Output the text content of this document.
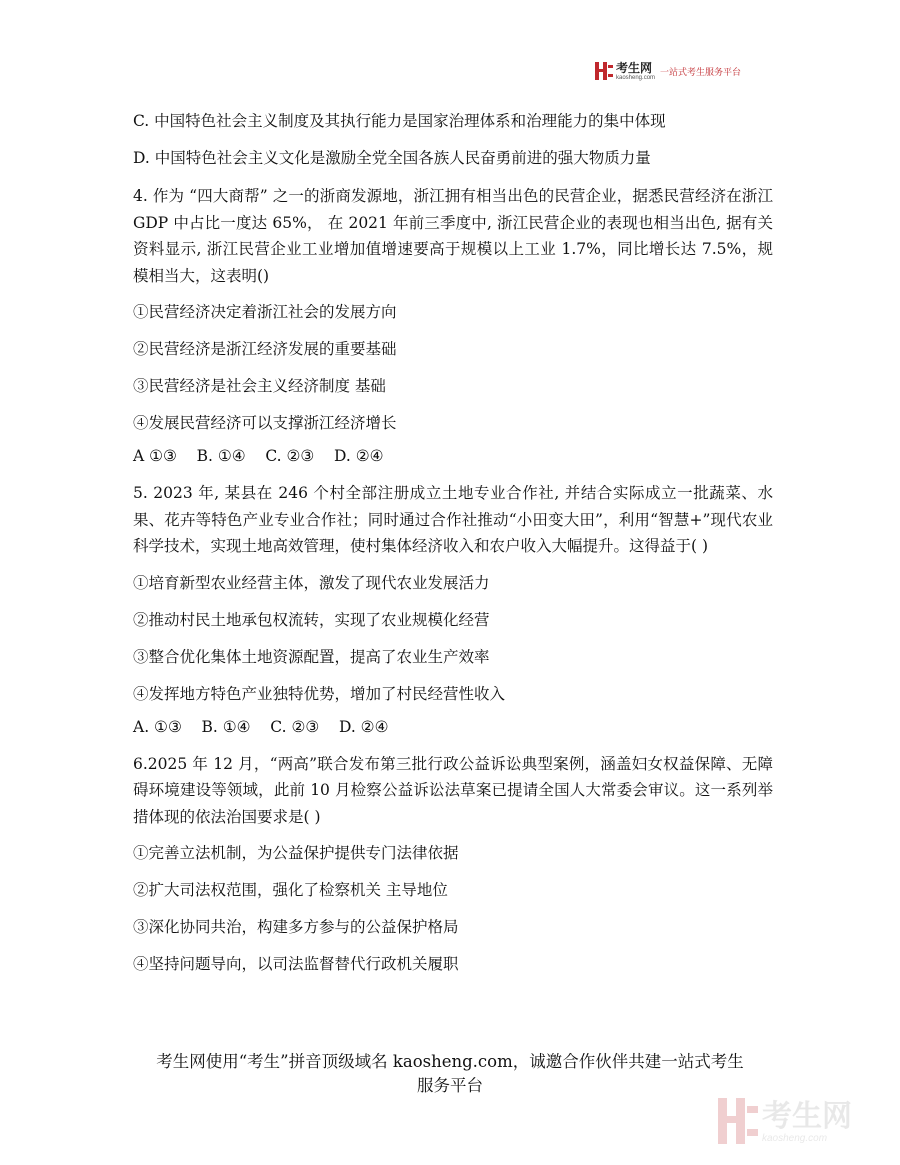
考生网
kaosheng.com 一站式考生服务平台
C. 中国特色社会主义制度及其执行能力是国家治理体系和治理能力的集中体现
D. 中国特色社会主义文化是激励全党全国各族人民奋勇前进的强大物质力量
4. 作为 “四大商帮” 之一的浙商发源地，浙江拥有相当出色的民营企业，据悉民营经济在浙江 GDP 中占比一度达 65%， 在 2021 年前三季度中, 浙江民营企业的表现也相当出色, 据有关资料显示, 浙江民营企业工业增加值增速要高于规模以上工业 1.7%，同比增长达 7.5%，规模相当大，这表明()
①民营经济决定着浙江社会的发展方向
②民营经济是浙江经济发展的重要基础
③民营经济是社会主义经济制度 基础
④发展民营经济可以支撑浙江经济增长
A ①③    B. ①④    C. ②③    D. ②④
5. 2023 年, 某县在 246 个村全部注册成立土地专业合作社, 并结合实际成立一批蔬菜、水果、花卉等特色产业专业合作社；同时通过合作社推动“小田变大田”，利用“智慧+”现代农业科学技术，实现土地高效管理，使村集体经济收入和农户收入大幅提升。这得益于( )
①培育新型农业经营主体，激发了现代农业发展活力
②推动村民土地承包权流转，实现了农业规模化经营
③整合优化集体土地资源配置，提高了农业生产效率
④发挥地方特色产业独特优势，增加了村民经营性收入
A. ①③    B. ①④    C. ②③    D. ②④
6.2025 年 12 月，“两高”联合发布第三批行政公益诉讼典型案例，涵盖妇女权益保障、无障碍环境建设等领域，此前 10 月检察公益诉讼法草案已提请全国人大常委会审议。这一系列举措体现的依法治国要求是( )
①完善立法机制，为公益保护提供专门法律依据
②扩大司法权范围，强化了检察机关 主导地位
③深化协同共治，构建多方参与的公益保护格局
④坚持问题导向，以司法监督替代行政机关履职
考生网使用“考生”拼音顶级域名 kaosheng.com，诚邀合作伙伴共建一站式考生
服务平台
考生网
kaosheng.com
